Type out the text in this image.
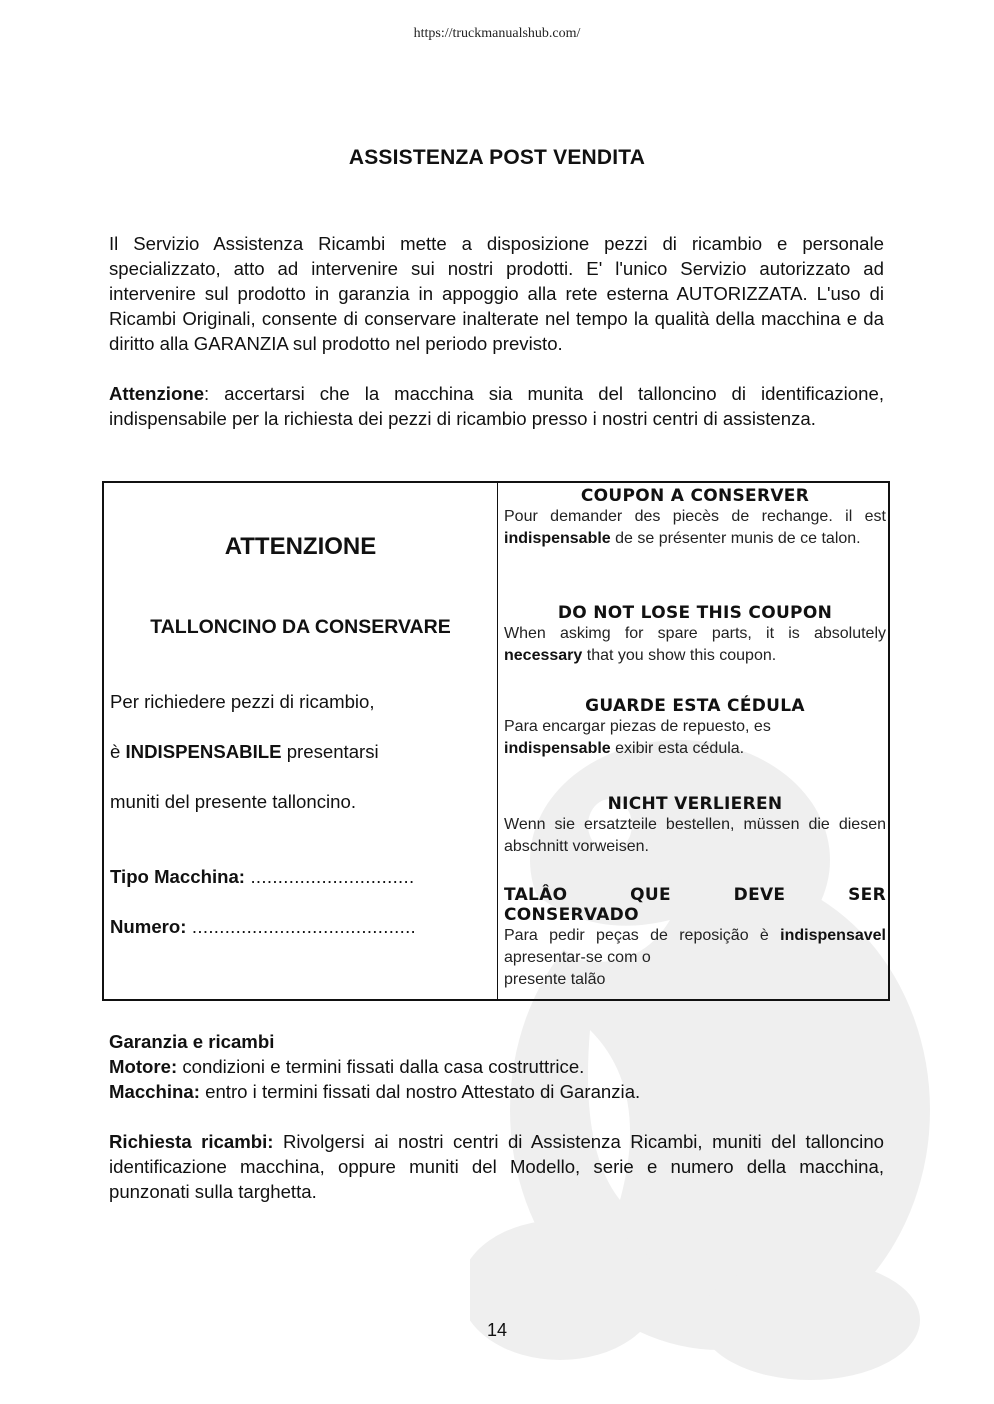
https://truckmanualshub.com/
ASSISTENZA POST VENDITA
Il Servizio Assistenza Ricambi mette a disposizione pezzi di ricambio e personale specializzato, atto ad intervenire sui nostri prodotti. E' l'unico Servizio autorizzato ad intervenire sul prodotto in garanzia in appoggio alla rete esterna AUTORIZZATA. L'uso di Ricambi Originali, consente di conservare inalterate nel tempo la qualità della macchina e da diritto alla GARANZIA sul prodotto nel periodo previsto.
Attenzione: accertarsi che la macchina sia munita del talloncino di identificazione, indispensabile per la richiesta dei pezzi di ricambio presso i nostri centri di assistenza.
ATTENZIONE
TALLONCINO DA CONSERVARE
Per richiedere pezzi di ricambio,
è INDISPENSABILE presentarsi
muniti del presente talloncino.
Tipo Macchina: ..............................
Numero: .........................................
COUPON A CONSERVER
Pour demander des piecès de rechange. il est indispensable de se présenter munis de ce talon.
DO NOT LOSE THIS COUPON
When askimg for spare parts, it is absolutely necessary that you show this coupon.
GUARDE ESTA CÉDULA
Para encargar piezas de repuesto, es
indispensable exibir esta cédula.
NICHT VERLIEREN
Wenn sie ersatzteile bestellen, müssen die diesen abschnitt vorweisen.
TALÂO	QUE	DEVE	SER
CONSERVADO
Para pedir peças de reposição è indispensavel apresentar-se com o
presente talão
Garanzia e ricambi
Motore: condizioni e termini fissati dalla casa costruttrice.
Macchina: entro i termini fissati dal nostro Attestato di Garanzia.
Richiesta ricambi: Rivolgersi ai nostri centri di Assistenza Ricambi, muniti del talloncino identificazione macchina, oppure muniti del Modello, serie e numero della macchina, punzonati sulla targhetta.
14
